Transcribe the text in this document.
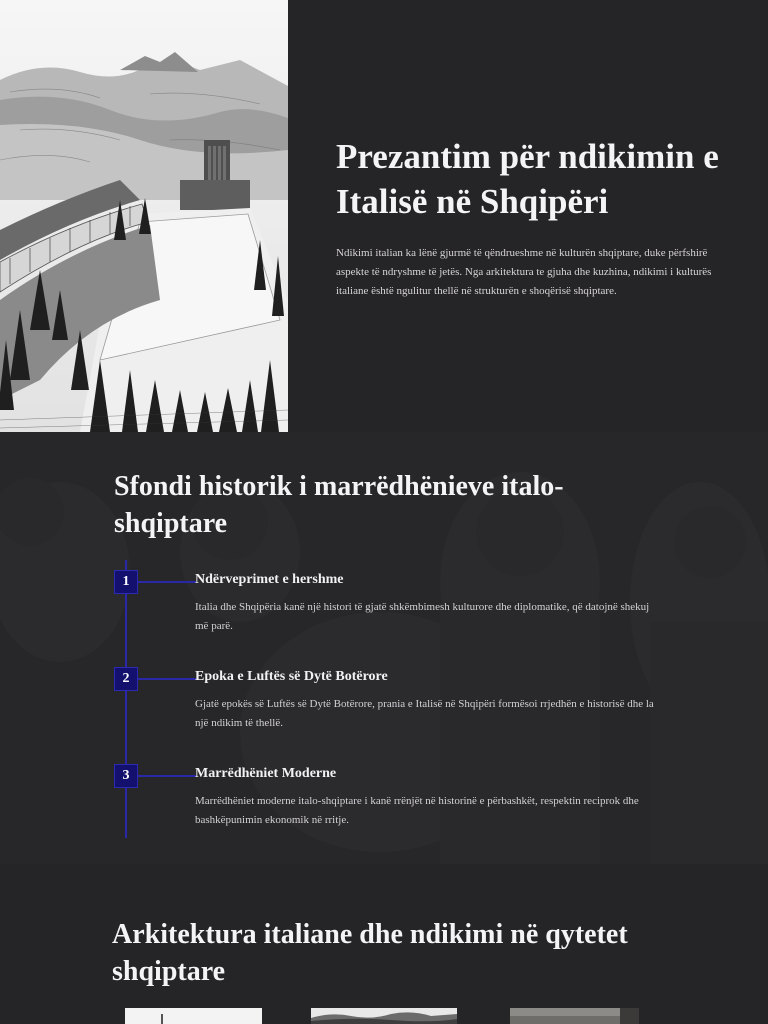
Prezantim për ndikimin e Italisë në Shqipëri

Ndikimi italian ka lënë gjurmë të qëndrueshme në kulturën shqiptare, duke përfshirë aspekte të ndryshme të jetës. Nga arkitektura te gjuha dhe kuzhina, ndikimi i kulturës italiane është ngulitur thellë në strukturën e shoqërisë shqiptare.

Sfondi historik i marrëdhënieve italo-shqiptare
1	Ndërveprimet e hershme

Italia dhe Shqipëria kanë një histori të gjatë shkëmbimesh kulturore dhe diplomatike, që datojnë shekuj më parë.

2	Epoka e Luftës së Dytë Botërore

Gjatë epokës së Luftës së Dytë Botërore, prania e Italisë në Shqipëri formësoi rrjedhën e historisë dhe la një ndikim të thellë.

3	Marrëdhëniet Moderne

Marrëdhëniet moderne italo-shqiptare i kanë rrënjët në historinë e përbashkët, respektin reciprok dhe bashkëpunimin ekonomik në rritje.

Arkitektura italiane dhe ndikimi në qytetet shqiptare
